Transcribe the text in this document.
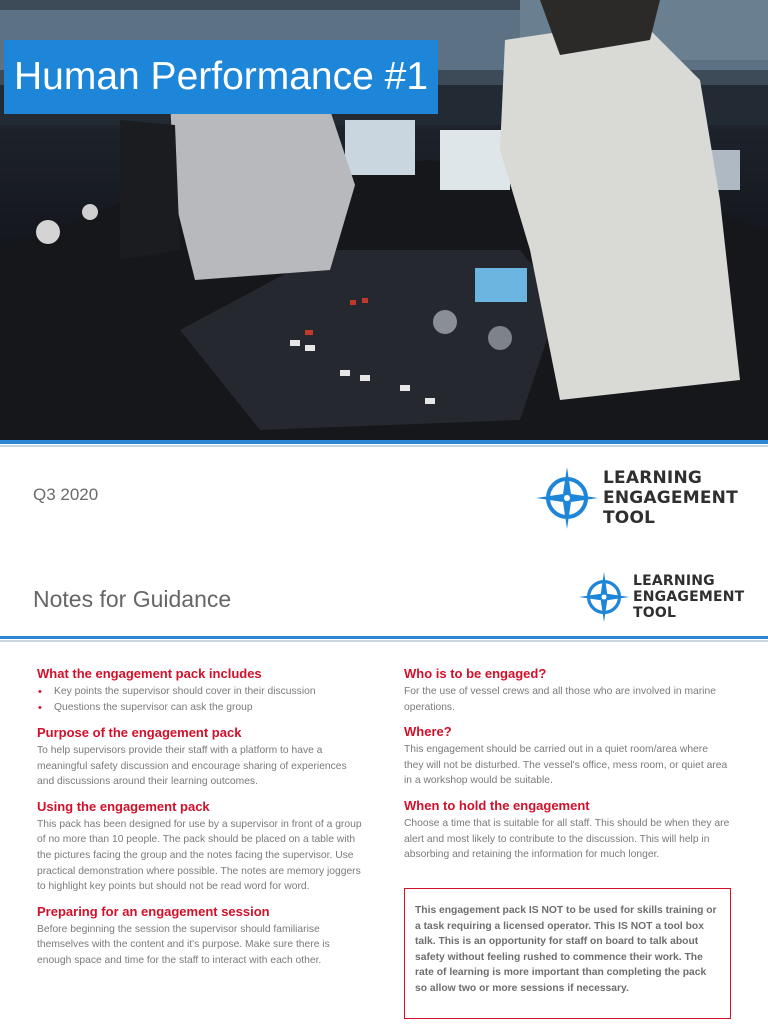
Human Performance #1
Q3 2020
LEARNING
ENGAGEMENT
TOOL
Notes for Guidance
LEARNING
ENGAGEMENT
TOOL
What the engagement pack includes
• Key points the supervisor should cover in their discussion
• Questions the supervisor can ask the group
Purpose of the engagement pack

To help supervisors provide their staff with a platform to have a meaningful safety discussion and encourage sharing of experiences and discussions around their learning outcomes.

Using the engagement pack

This pack has been designed for use by a supervisor in front of a group of no more than 10 people. The pack should be placed on a table with the pictures facing the group and the notes facing the supervisor. Use practical demonstration where possible. The notes are memory joggers to highlight key points but should not be read word for word.

Preparing for an engagement session

Before beginning the session the supervisor should familiarise themselves with the content and it's purpose. Make sure there is enough space and time for the staff to interact with each other.

Who is to be engaged?

For the use of vessel crews and all those who are involved in marine operations.

Where?

This engagement should be carried out in a quiet room/area where they will not be disturbed. The vessel's office, mess room, or quiet area in a workshop would be suitable.

When to hold the engagement

Choose a time that is suitable for all staff. This should be when they are alert and most likely to contribute to the discussion. This will help in absorbing and retaining the information for much longer.

This engagement pack IS NOT to be used for skills training or a task requiring a licensed operator. This IS NOT a tool box talk. This is an opportunity for staff on board to talk about safety without feeling rushed to commence their work. The rate of learning is more important than completing the pack so allow two or more sessions if necessary.
